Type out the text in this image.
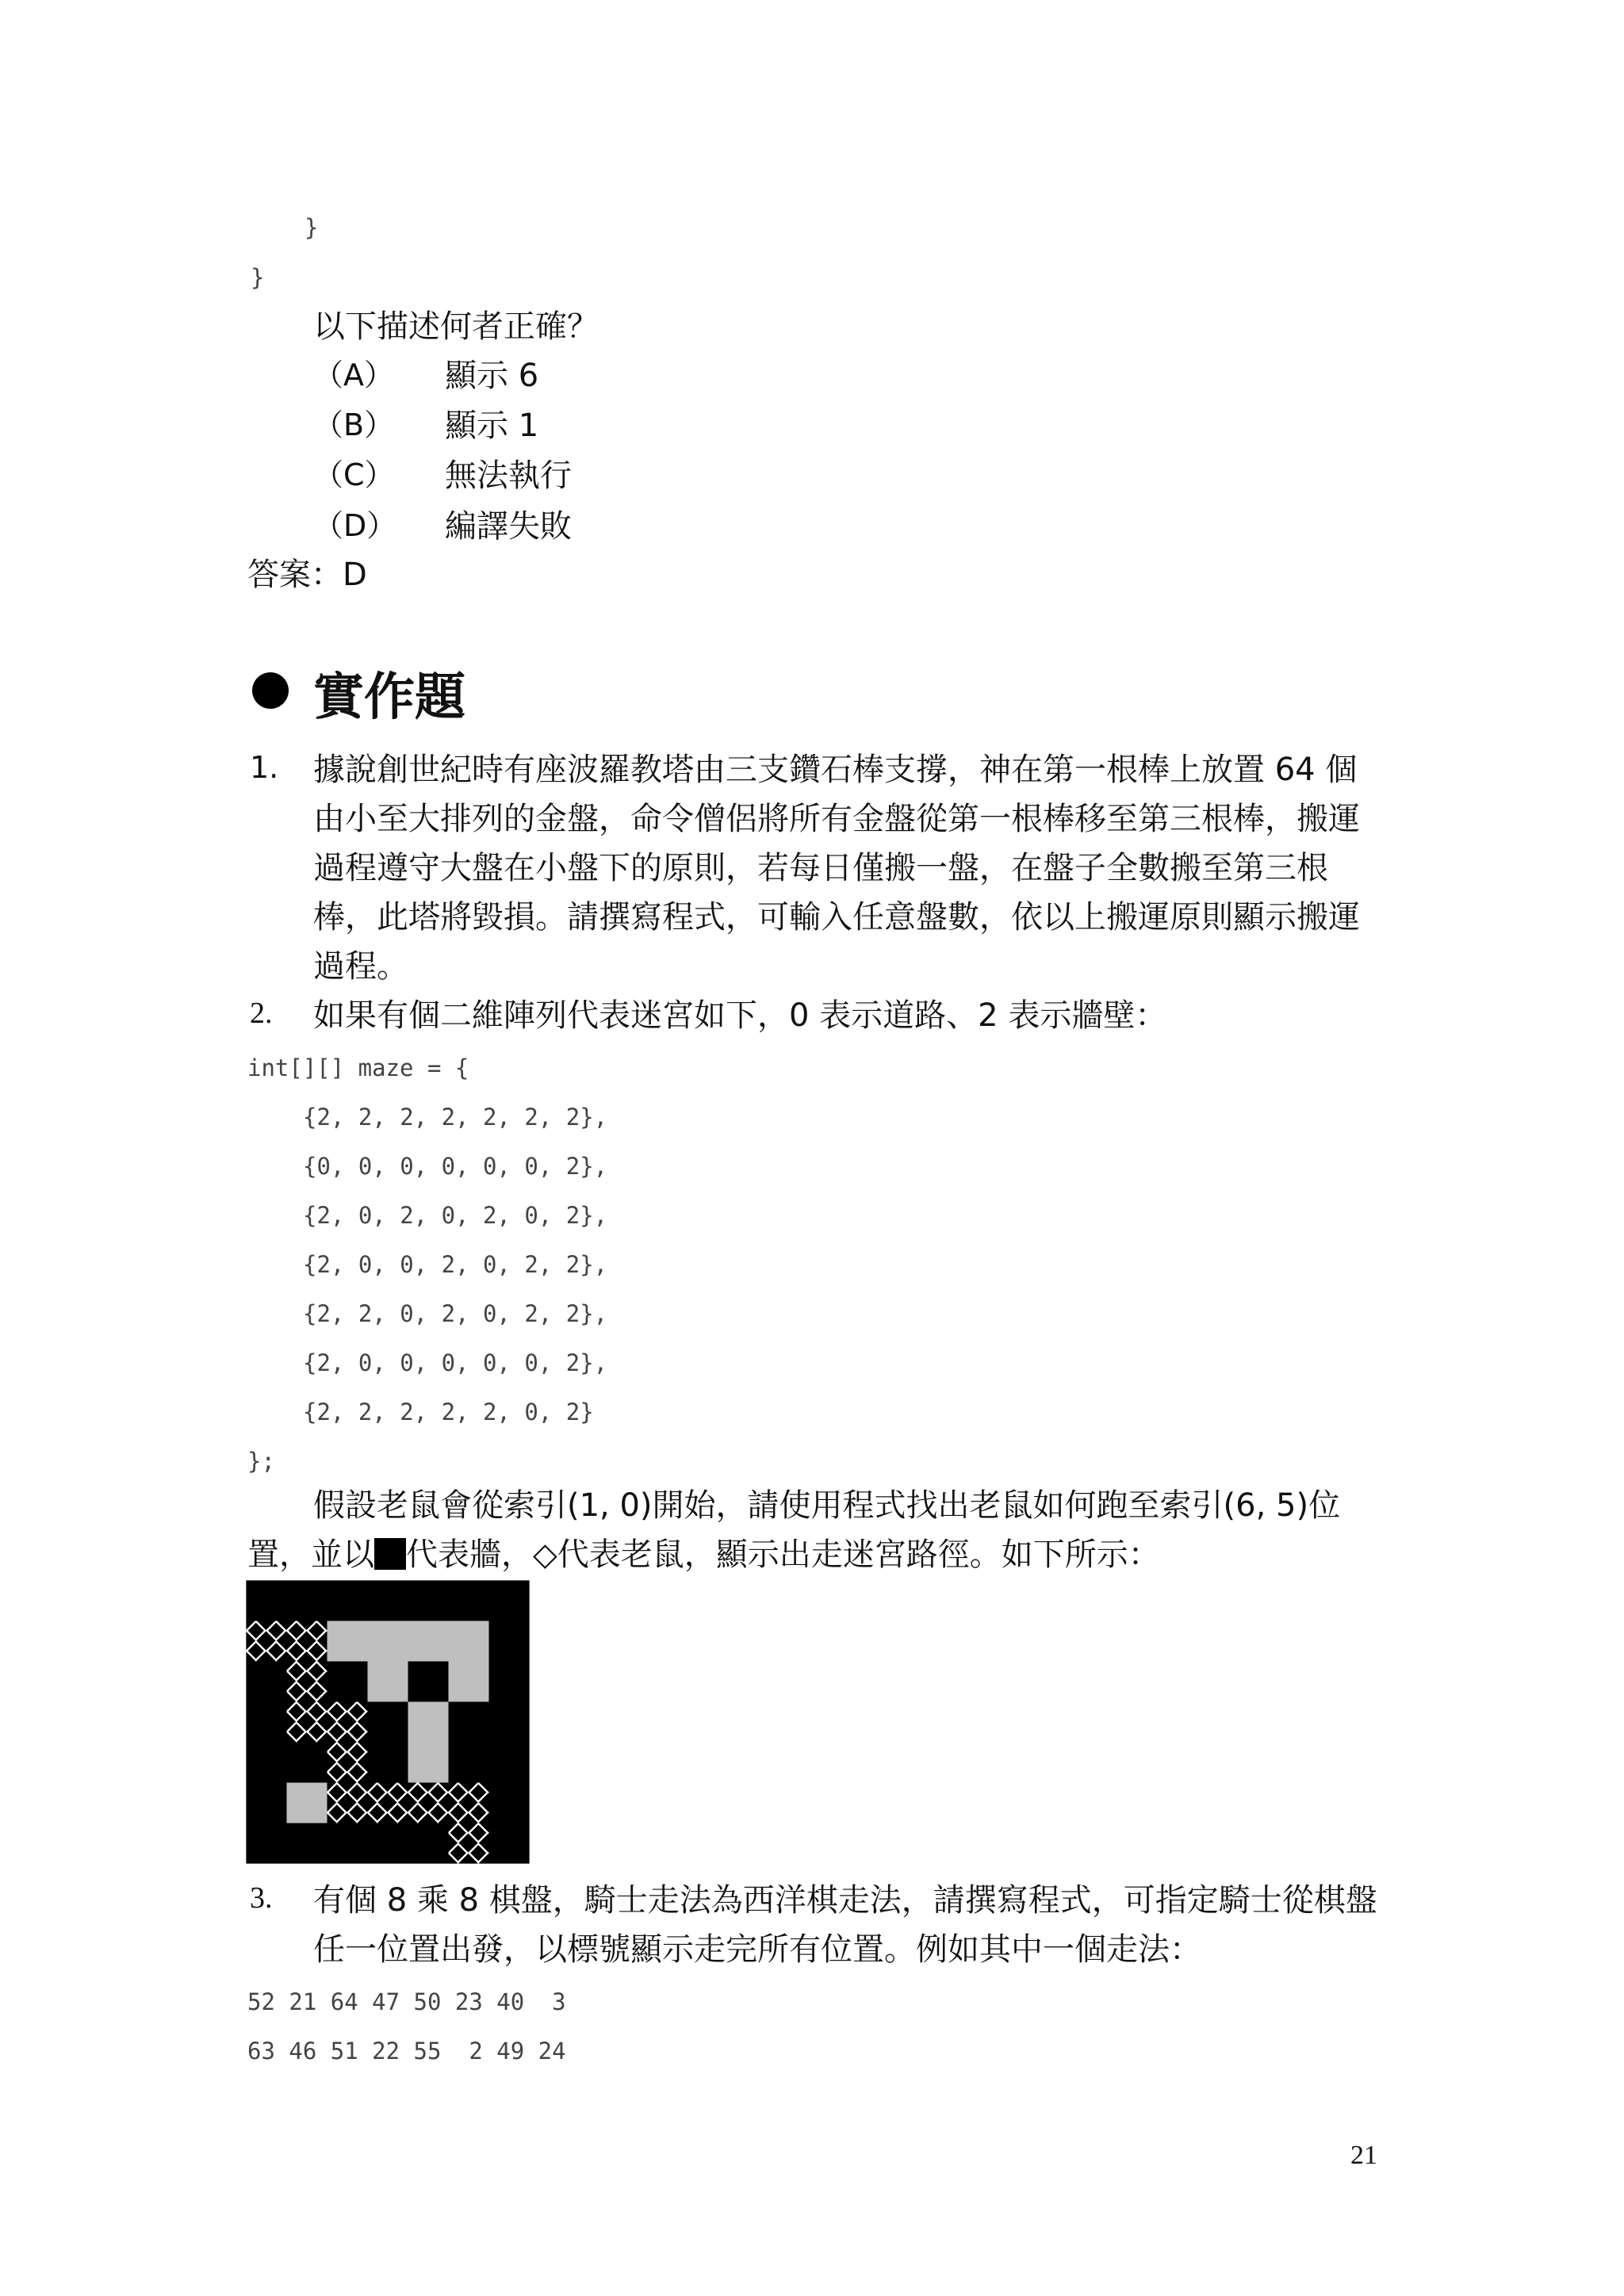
}
}
以下描述何者正確？
（A） 顯示 6
（B） 顯示 1
（C） 無法執行
（D） 編譯失敗
答案：D
實作題
1. 據說創世紀時有座波羅教塔由三支鑽石棒支撐，神在第一根棒上放置 64 個
由小至大排列的金盤，命令僧侶將所有金盤從第一根棒移至第三根棒，搬運
過程遵守大盤在小盤下的原則，若每日僅搬一盤，在盤子全數搬至第三根
棒，此塔將毀損。請撰寫程式，可輸入任意盤數，依以上搬運原則顯示搬運
過程。
2. 如果有個二維陣列代表迷宮如下，0 表示道路、2 表示牆壁：
int[][] maze = {
{2, 2, 2, 2, 2, 2, 2},
{0, 0, 0, 0, 0, 0, 2},
{2, 0, 2, 0, 2, 0, 2},
{2, 0, 0, 2, 0, 2, 2},
{2, 2, 0, 2, 0, 2, 2},
{2, 0, 0, 0, 0, 0, 2},
{2, 2, 2, 2, 2, 0, 2}
};
假設老鼠會從索引(1, 0)開始，請使用程式找出老鼠如何跑至索引(6, 5)位
置，並以 代表牆，◇代表老鼠，顯示出走迷宮路徑。如下所示：
3. 有個 8 乘 8 棋盤，騎士走法為西洋棋走法，請撰寫程式，可指定騎士從棋盤
任一位置出發，以標號顯示走完所有位置。例如其中一個走法：
52 21 64 47 50 23 40  3
63 46 51 22 55  2 49 24
21
